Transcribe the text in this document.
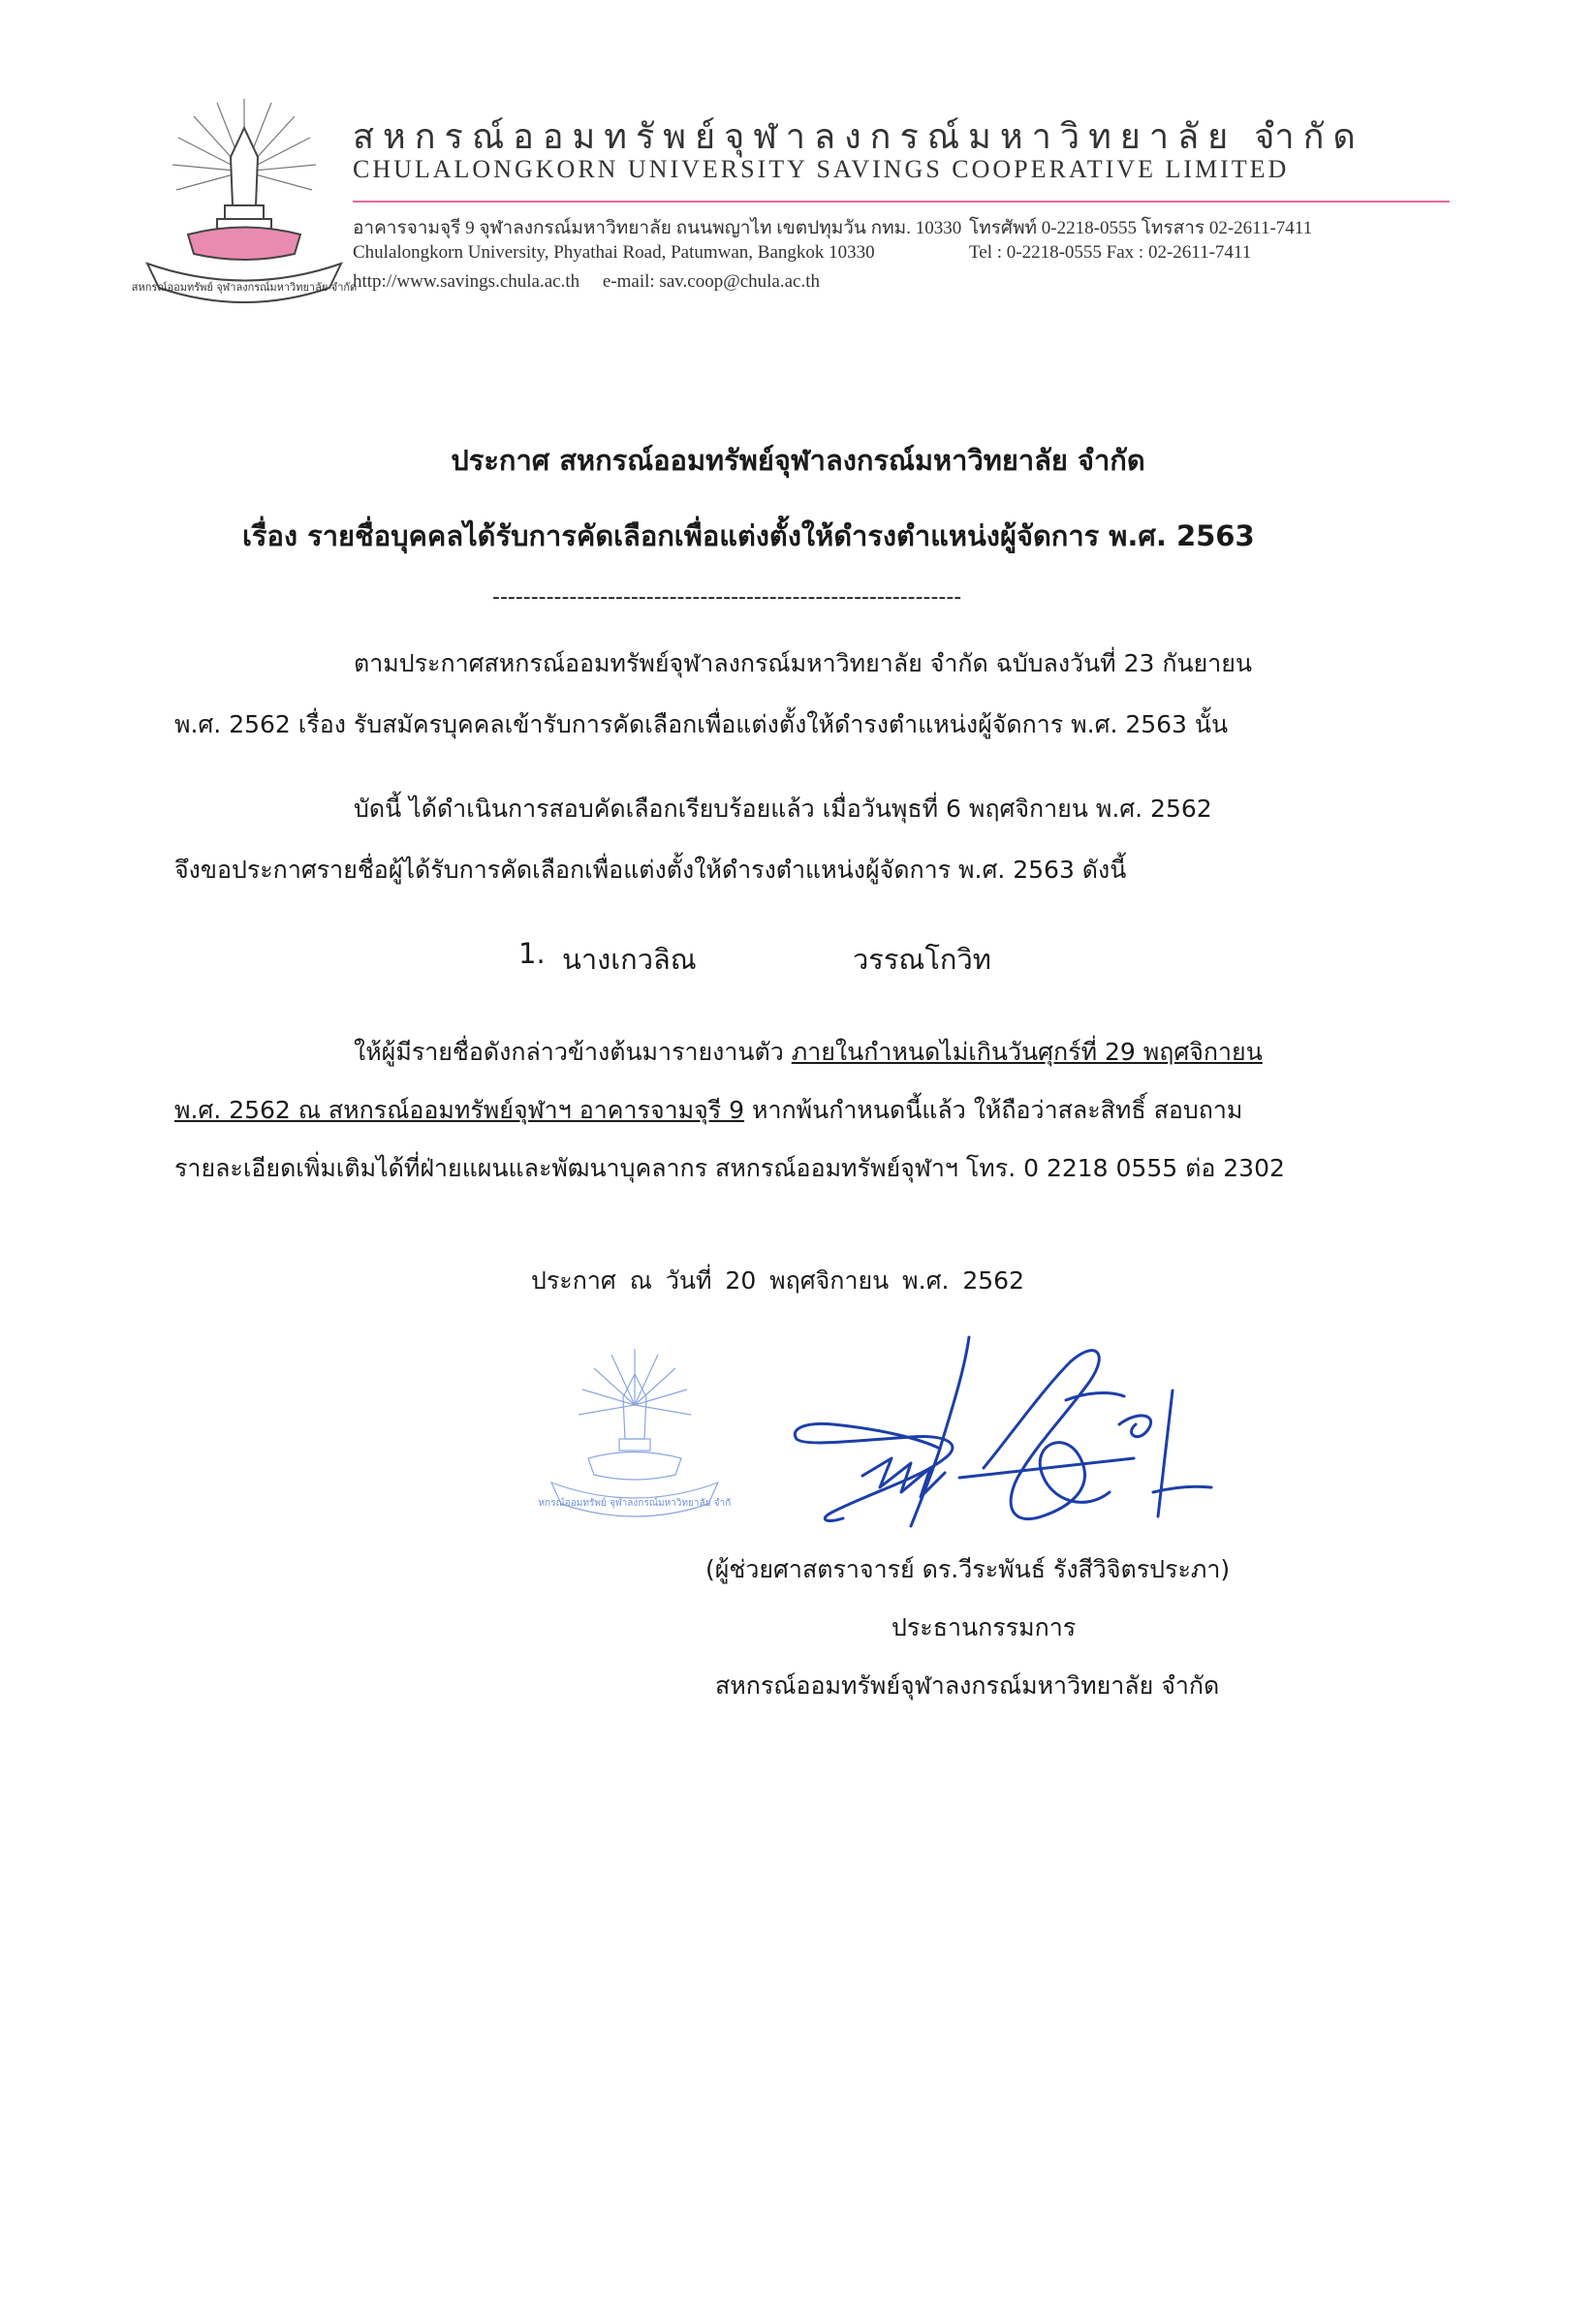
สหกรณ์ออมทรัพย์ จุฬาลงกรณ์มหาวิทยาลัย จำกัด
สหกรณ์ออมทรัพย์จุฬาลงกรณ์มหาวิทยาลัย จำกัด
CHULALONGKORN UNIVERSITY SAVINGS COOPERATIVE LIMITED
อาคารจามจุรี 9 จุฬาลงกรณ์มหาวิทยาลัย ถนนพญาไท เขตปทุมวัน กทม. 10330
Chulalongkorn University, Phyathai Road, Patumwan, Bangkok 10330
http://www.savings.chula.ac.th e-mail: sav.coop@chula.ac.th
โทรศัพท์ 0-2218-0555 โทรสาร 02-2611-7411
Tel : 0-2218-0555 Fax : 02-2611-7411
ประกาศ สหกรณ์ออมทรัพย์จุฬาลงกรณ์มหาวิทยาลัย จำกัด
เรื่อง รายชื่อบุคคลได้รับการคัดเลือกเพื่อแต่งตั้งให้ดำรงตำแหน่งผู้จัดการ พ.ศ. 2563
-------------------------------------------------------------
ตามประกาศสหกรณ์ออมทรัพย์จุฬาลงกรณ์มหาวิทยาลัย จำกัด ฉบับลงวันที่ 23 กันยายน
พ.ศ. 2562 เรื่อง รับสมัครบุคคลเข้ารับการคัดเลือกเพื่อแต่งตั้งให้ดำรงตำแหน่งผู้จัดการ พ.ศ. 2563 นั้น
บัดนี้ ได้ดำเนินการสอบคัดเลือกเรียบร้อยแล้ว เมื่อวันพุธที่ 6 พฤศจิกายน พ.ศ. 2562
จึงขอประกาศรายชื่อผู้ได้รับการคัดเลือกเพื่อแต่งตั้งให้ดำรงตำแหน่งผู้จัดการ พ.ศ. 2563 ดังนี้
1. นางเกวลิณ	วรรณโกวิท
ให้ผู้มีรายชื่อดังกล่าวข้างต้นมารายงานตัว ภายในกำหนดไม่เกินวันศุกร์ที่ 29 พฤศจิกายน
พ.ศ. 2562 ณ สหกรณ์ออมทรัพย์จุฬาฯ อาคารจามจุรี 9 หากพ้นกำหนดนี้แล้ว ให้ถือว่าสละสิทธิ์ สอบถาม
รายละเอียดเพิ่มเติมได้ที่ฝ่ายแผนและพัฒนาบุคลากร สหกรณ์ออมทรัพย์จุฬาฯ โทร. 0 2218 0555 ต่อ 2302
ประกาศ ณ วันที่ 20 พฤศจิกายน พ.ศ. 2562
สหกรณ์ออมทรัพย์ จุฬาลงกรณ์มหาวิทยาลัย จำกัด
(ผู้ช่วยศาสตราจารย์ ดร.วีระพันธ์ รังสีวิจิตรประภา)
ประธานกรรมการ
สหกรณ์ออมทรัพย์จุฬาลงกรณ์มหาวิทยาลัย จำกัด
